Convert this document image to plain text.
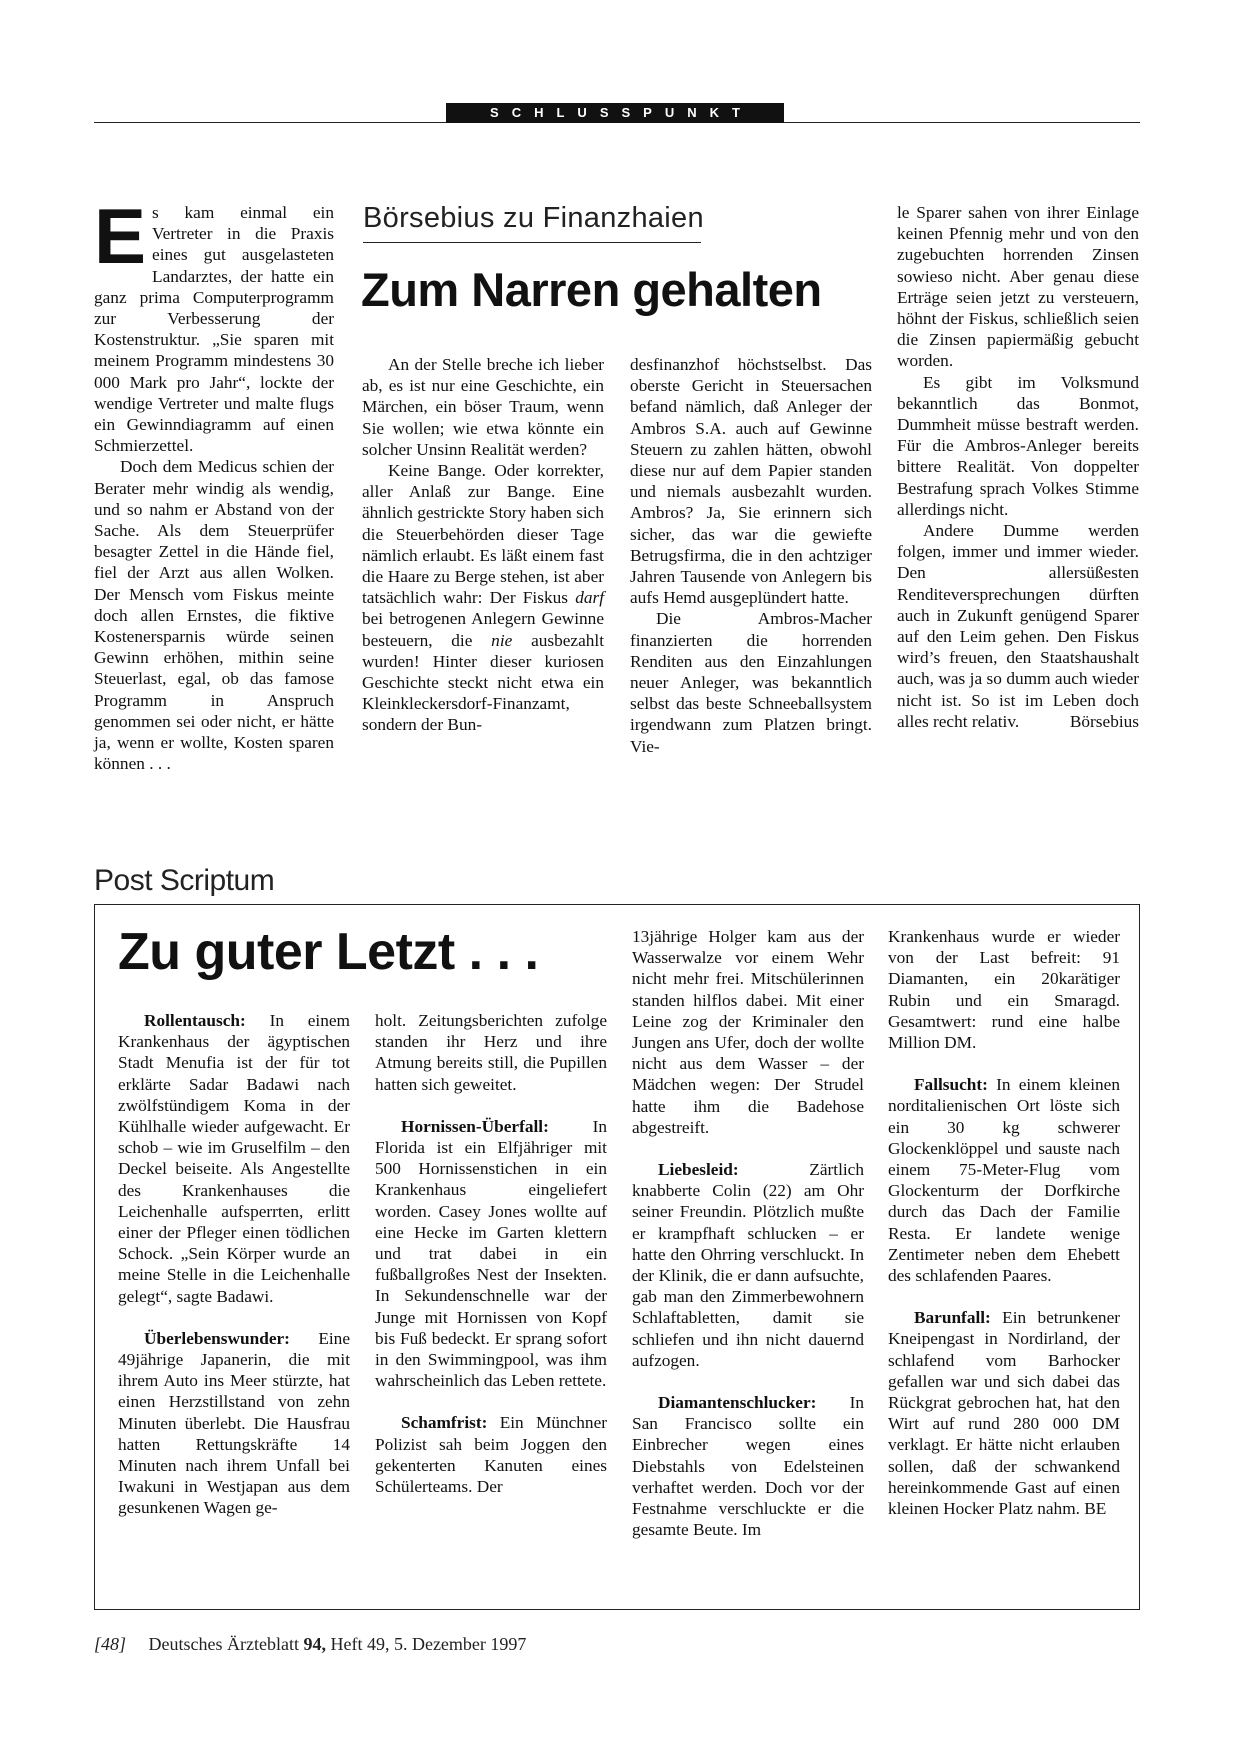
SCHLUSSPUNKT
Börsebius zu Finanzhaien
Zum Narren gehalten

Es kam einmal ein Vertreter in die Praxis eines gut ausgelasteten Landarztes, der hatte ein ganz prima Computerprogramm zur Verbesserung der Kostenstruktur. „Sie sparen mit meinem Programm mindestens 30 000 Mark pro Jahr“, lockte der wendige Vertreter und malte flugs ein Gewinndiagramm auf einen Schmierzettel.

Doch dem Medicus schien der Berater mehr windig als wendig, und so nahm er Abstand von der Sache. Als dem Steuerprüfer besagter Zettel in die Hände fiel, fiel der Arzt aus allen Wolken. Der Mensch vom Fiskus meinte doch allen Ernstes, die fiktive Kostenersparnis würde seinen Gewinn erhöhen, mithin seine Steuerlast, egal, ob das famose Programm in Anspruch genommen sei oder nicht, er hätte ja, wenn er wollte, Kosten sparen können . . .

An der Stelle breche ich lieber ab, es ist nur eine Geschichte, ein Märchen, ein böser Traum, wenn Sie wollen; wie etwa könnte ein solcher Unsinn Realität werden?

Keine Bange. Oder korrekter, aller Anlaß zur Bange. Eine ähnlich gestrickte Story haben sich die Steuerbehörden dieser Tage nämlich erlaubt. Es läßt einem fast die Haare zu Berge stehen, ist aber tatsächlich wahr: Der Fiskus darf bei betrogenen Anlegern Gewinne besteuern, die nie ausbezahlt wurden! Hinter dieser kuriosen Geschichte steckt nicht etwa ein Kleinkleckersdorf-Finanzamt, sondern der Bun-

desfinanzhof höchstselbst. Das oberste Gericht in Steuersachen befand nämlich, daß Anleger der Ambros S.A. auch auf Gewinne Steuern zu zahlen hätten, obwohl diese nur auf dem Papier standen und niemals ausbezahlt wurden. Ambros? Ja, Sie erinnern sich sicher, das war die gewiefte Betrugsfirma, die in den achtziger Jahren Tausende von Anlegern bis aufs Hemd ausgeplündert hatte.

Die Ambros-Macher finanzierten die horrenden Renditen aus den Einzahlungen neuer Anleger, was bekanntlich selbst das beste Schneeballsystem irgendwann zum Platzen bringt. Vie-

le Sparer sahen von ihrer Einlage keinen Pfennig mehr und von den zugebuchten horrenden Zinsen sowieso nicht. Aber genau diese Erträge seien jetzt zu versteuern, höhnt der Fiskus, schließlich seien die Zinsen papiermäßig gebucht worden.

Es gibt im Volksmund bekanntlich das Bonmot, Dummheit müsse bestraft werden. Für die Ambros-Anleger bereits bittere Realität. Von doppelter Bestrafung sprach Volkes Stimme allerdings nicht.

Andere Dumme werden folgen, immer und immer wieder. Den allersüßesten Renditeversprechungen dürften auch in Zukunft genügend Sparer auf den Leim gehen. Den Fiskus wird’s freuen, den Staatshaushalt auch, was ja so dumm auch wieder nicht ist. So ist im Leben doch alles recht relativ.	Börsebius

Post Scriptum
Zu guter Letzt . . .

Rollentausch: In einem Krankenhaus der ägyptischen Stadt Menufia ist der für tot erklärte Sadar Badawi nach zwölfstündigem Koma in der Kühlhalle wieder aufgewacht. Er schob – wie im Gruselfilm – den Deckel beiseite. Als Angestellte des Krankenhauses die Leichenhalle aufsperrten, erlitt einer der Pfleger einen tödlichen Schock. „Sein Körper wurde an meine Stelle in die Leichenhalle gelegt“, sagte Badawi.

Überlebenswunder: Eine 49jährige Japanerin, die mit ihrem Auto ins Meer stürzte, hat einen Herzstillstand von zehn Minuten überlebt. Die Hausfrau hatten Rettungskräfte 14 Minuten nach ihrem Unfall bei Iwakuni in Westjapan aus dem gesunkenen Wagen ge-

holt. Zeitungsberichten zufolge standen ihr Herz und ihre Atmung bereits still, die Pupillen hatten sich geweitet.

Hornissen-Überfall:	In Florida ist ein Elfjähriger mit 500 Hornissenstichen in ein Krankenhaus eingeliefert worden. Casey Jones wollte auf eine Hecke im Garten klettern und trat dabei in ein fußballgroßes Nest der Insekten. In Sekundenschnelle war der Junge mit Hornissen von Kopf bis Fuß bedeckt. Er sprang sofort in den Swimmingpool, was ihm wahrscheinlich das Leben rettete.

Schamfrist: Ein Münchner Polizist sah beim Joggen den gekenterten Kanuten eines Schülerteams. Der

13jährige Holger kam aus der Wasserwalze vor einem Wehr nicht mehr frei. Mitschülerinnen standen hilflos dabei. Mit einer Leine zog der Kriminaler den Jungen ans Ufer, doch der wollte nicht aus dem Wasser – der Mädchen wegen: Der Strudel hatte ihm die Badehose abgestreift.

Liebesleid:	Zärtlich knabberte Colin (22) am Ohr seiner Freundin. Plötzlich mußte er krampfhaft schlucken – er hatte den Ohrring verschluckt. In der Klinik, die er dann aufsuchte, gab man den Zimmerbewohnern Schlaftabletten, damit sie schliefen und ihn nicht dauernd aufzogen.

Diamantenschlucker: In San Francisco sollte ein Einbrecher wegen eines Diebstahls von Edelsteinen verhaftet werden. Doch vor der Festnahme verschluckte er die gesamte Beute. Im

Krankenhaus wurde er wieder von der Last befreit: 91 Diamanten, ein 20karätiger Rubin und ein Smaragd. Gesamtwert: rund eine halbe Million DM.

Fallsucht: In einem kleinen norditalienischen Ort löste sich ein 30 kg schwerer Glockenklöppel und sauste nach einem 75-Meter-Flug vom Glockenturm der Dorfkirche durch das Dach der Familie Resta. Er landete wenige Zentimeter neben dem Ehebett des schlafenden Paares.

Barunfall: Ein betrunkener Kneipengast in Nordirland, der schlafend vom Barhocker gefallen war und sich dabei das Rückgrat gebrochen hat, hat den Wirt auf rund 280 000 DM verklagt. Er hätte nicht erlauben sollen, daß der schwankend hereinkommende Gast auf einen kleinen Hocker Platz nahm. BE

[48] Deutsches Ärzteblatt 94, Heft 49, 5. Dezember 1997
